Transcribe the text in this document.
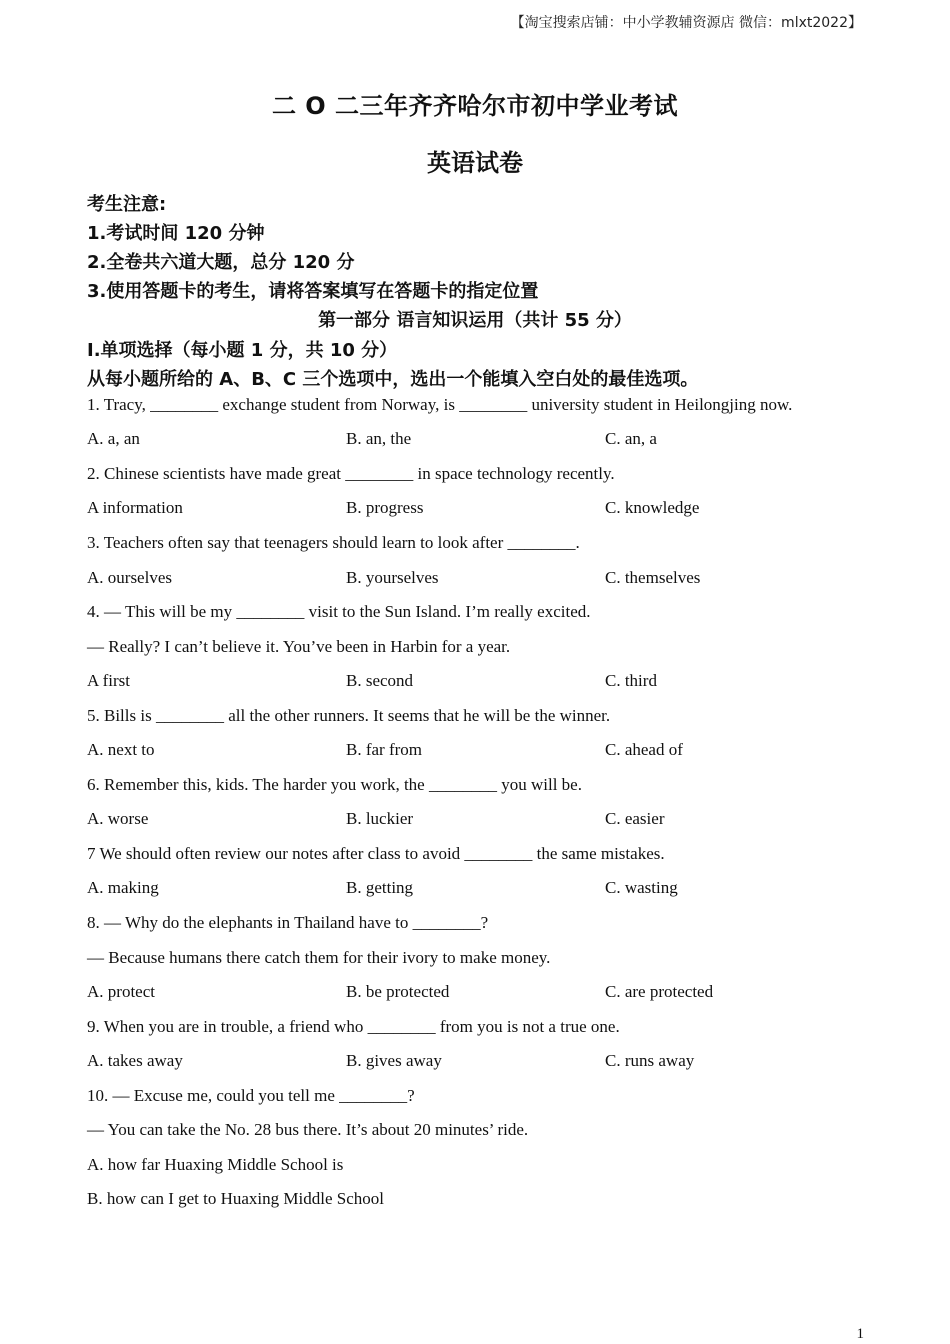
【淘宝搜索店铺：中小学教辅资源店 微信：mlxt2022】
二 O 二三年齐齐哈尔市初中学业考试
英语试卷
考生注意:
1.考试时间 120 分钟
2.全卷共六道大题，总分 120 分
3.使用答题卡的考生，请将答案填写在答题卡的指定位置
第一部分 语言知识运用（共计 55 分）
Ⅰ.单项选择（每小题 1 分，共 10 分）
从每小题所给的 A、B、C 三个选项中，选出一个能填入空白处的最佳选项。
1. Tracy, ________ exchange student from Norway, is ________ university student in Heilongjing now.
A. a, an	B. an, the	C. an, a
2. Chinese scientists have made great ________ in space technology recently.
A information	B. progress	C. knowledge
3. Teachers often say that teenagers should learn to look after ________.
A. ourselves	B. yourselves	C. themselves
4. — This will be my ________ visit to the Sun Island. I’m really excited.
— Really? I can’t believe it. You’ve been in Harbin for a year.
A first	B. second	C. third
5. Bills is ________ all the other runners. It seems that he will be the winner.
A. next to	B. far from	C. ahead of
6. Remember this, kids. The harder you work, the ________ you will be.
A. worse	B. luckier	C. easier
7 We should often review our notes after class to avoid ________ the same mistakes.
A. making	B. getting	C. wasting
8. — Why do the elephants in Thailand have to ________?
— Because humans there catch them for their ivory to make money.
A. protect	B. be protected	C. are protected
9. When you are in trouble, a friend who ________ from you is not a true one.
A. takes away	B. gives away	C. runs away
10. — Excuse me, could you tell me ________?
— You can take the No. 28 bus there. It’s about 20 minutes’ ride.
A. how far Huaxing Middle School is
B. how can I get to Huaxing Middle School
1
